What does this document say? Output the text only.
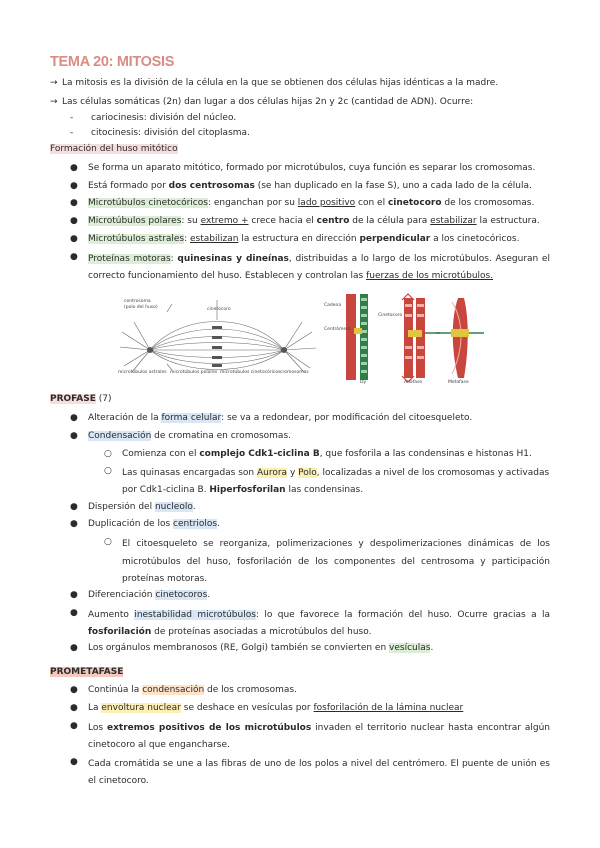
TEMA 20: MITOSIS
→ La mitosis es la división de la célula en la que se obtienen dos células hijas idénticas a la madre.
→ Las células somáticas (2n) dan lugar a dos células hijas 2n y 2c (cantidad de ADN). Ocurre:
- cariocinesis: división del núcleo.
- citocinesis: división del citoplasma.
Formación del huso mitótico
●	Se forma un aparato mitótico, formado por microtúbulos, cuya función es separar los cromosomas.
●	Está formado por dos centrosomas (se han duplicado en la fase S), uno a cada lado de la célula.
●	Microtúbulos cinetocóricos: enganchan por su lado positivo con el cinetocoro de los cromosomas.
●	Microtúbulos polares: su extremo + crece hacia el centro de la célula para estabilizar la estructura.
●	Microtúbulos astrales: estabilizan la estructura en dirección perpendicular a los cinetocóricos.
●	Proteínas motoras: quinesinas y dineínas, distribuidas a lo largo de los microtúbulos. Aseguran el correcto funcionamiento del huso. Establecen y controlan las fuerzas de los microtúbulos.
centrosoma
(polo del huso)	cinetocoro
microtúbulos astrales microtúbulos polares microtúbulos cinetocóricos cromosomas
Cadena
Centrómero
Cinetocoro
Dy	Anafase	Metafase
PROFASE (7)
●	Alteración de la forma celular: se va a redondear, por modificación del citoesqueleto.
●	Condensación de cromatina en cromosomas.
○ Comienza con el complejo Cdk1-ciclina B, que fosforila a las condensinas e histonas H1.
○ Las quinasas encargadas son Aurora y Polo, localizadas a nivel de los cromosomas y activadas por Cdk1-ciclina B. Hiperfosforilan las condensinas.
●	Dispersión del nucleolo.
●	Duplicación de los centriolos.
○ El citoesqueleto se reorganiza, polimerizaciones y despolimerizaciones dinámicas de los microtúbulos del huso, fosforilación de los componentes del centrosoma y participación proteínas motoras.
●	Diferenciación cinetocoros.
●	Aumento inestabilidad microtúbulos: lo que favorece la formación del huso. Ocurre gracias a la fosforilación de proteínas asociadas a microtúbulos del huso.
●	Los orgánulos membranosos (RE, Golgi) también se convierten en vesículas.
PROMETAFASE
●	Continúa la condensación de los cromosomas.
●	La envoltura nuclear se deshace en vesículas por fosforilación de la lámina nuclear
●	Los extremos positivos de los microtúbulos invaden el territorio nuclear hasta encontrar algún cinetocoro al que engancharse.
●	Cada cromátida se une a las fibras de uno de los polos a nivel del centrómero. El puente de unión es el cinetocoro.
